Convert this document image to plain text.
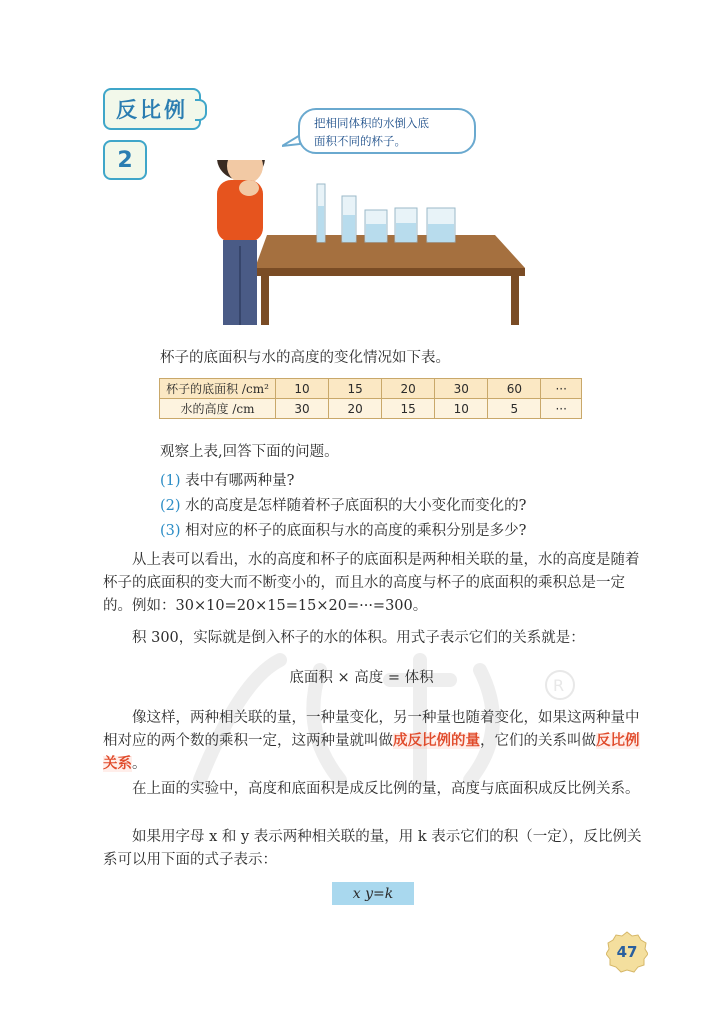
反比例
2
把相同体积的水倒入底
面积不同的杯子。
杯子的底面积与水的高度的变化情况如下表。
杯子的底面积 /cm²	10	15	20	30	60	···
水的高度 /cm	30	20	15	10	5	···
观察上表,回答下面的问题。
(1) 表中有哪两种量?
(2) 水的高度是怎样随着杯子底面积的大小变化而变化的?
(3) 相对应的杯子的底面积与水的高度的乘积分别是多少?
R
从上表可以看出，水的高度和杯子的底面积是两种相关联的量，水的高度是随着杯子的底面积的变大而不断变小的，而且水的高度与杯子的底面积的乘积总是一定的。例如：30×10=20×15=15×20=···=300。
积 300，实际就是倒入杯子的水的体积。用式子表示它们的关系就是：
底面积 × 高度 = 体积
像这样，两种相关联的量，一种量变化，另一种量也随着变化，如果这两种量中相对应的两个数的乘积一定，这两种量就叫做成反比例的量，它们的关系叫做反比例关系。
在上面的实验中，高度和底面积是成反比例的量，高度与底面积成反比例关系。
如果用字母 x 和 y 表示两种相关联的量，用 k 表示它们的积（一定），反比例关系可以用下面的式子表示：
x y=k
47
